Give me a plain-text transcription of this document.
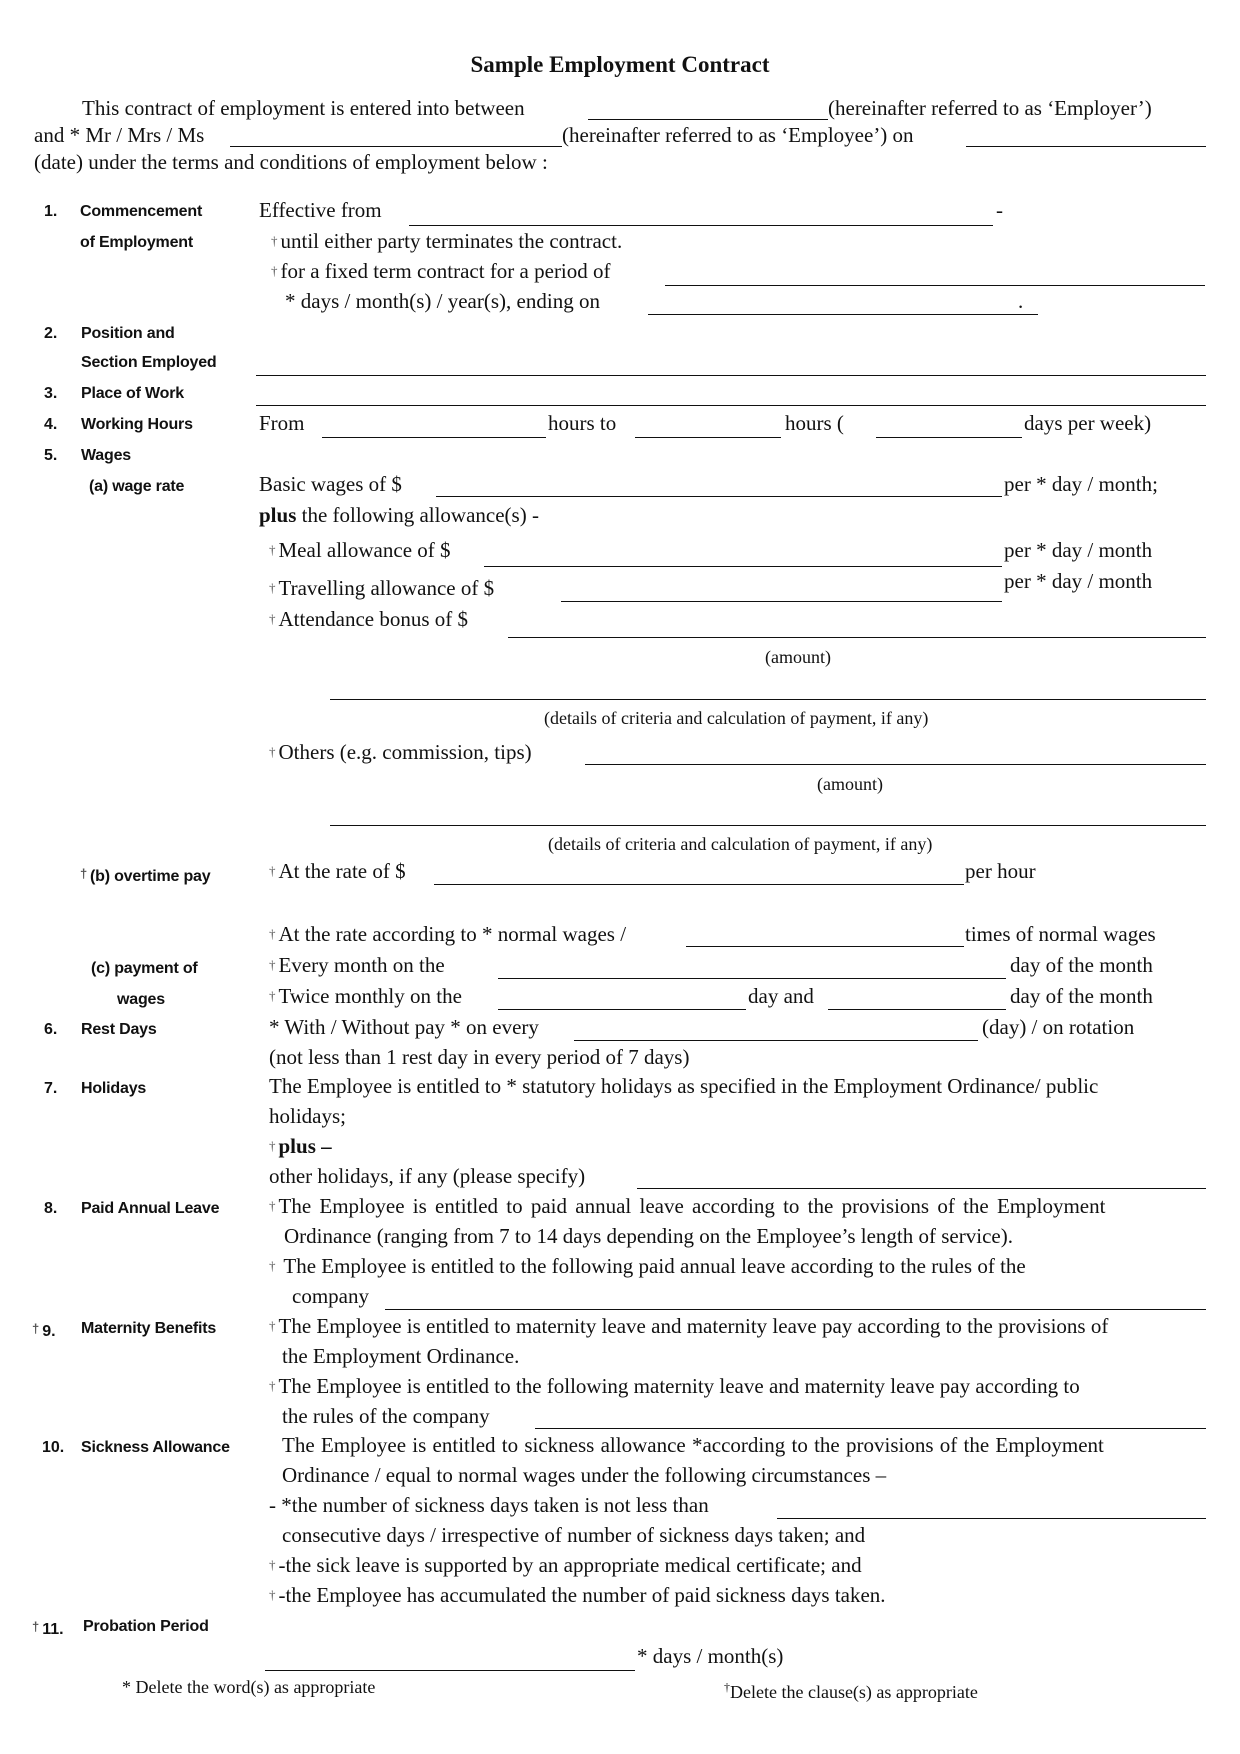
Sample Employment Contract
This contract of employment is entered into between	(hereinafter referred to as ‘Employer’)
and * Mr / Mrs / Ms	(hereinafter referred to as ‘Employee’) on
(date) under the terms and conditions of employment below :
1. Commencement
of Employment
Effective from	-
† until either party terminates the contract.
† for a fixed term contract for a period of
* days / month(s) / year(s), ending on	.
2. Position and
Section Employed
3. Place of Work
4. Working Hours	From	hours to	hours (	days per week)
5. Wages
(a) wage rate	Basic wages of $	per * day / month;
plus the following allowance(s) -
† Meal allowance of $	per * day / month
† Travelling allowance of $	per * day / month
† Attendance bonus of $
(amount)
(details of criteria and calculation of payment, if any)
† Others (e.g. commission, tips)
(amount)
(details of criteria and calculation of payment, if any)
† (b) overtime pay	† At the rate of $	per hour
† At the rate according to * normal wages /	times of normal wages
(c) payment of
wages
† Every month on the	day of the month
† Twice monthly on the	day and	day of the month
6. Rest Days	* With / Without pay * on every	(day) / on rotation
(not less than 1 rest day in every period of 7 days)
7. Holidays	The Employee is entitled to * statutory holidays as specified in the Employment Ordinance/ public
holidays;
† plus –
other holidays, if any (please specify)
8. Paid Annual Leave	† The Employee is entitled to paid annual leave according to the provisions of the Employment
Ordinance (ranging from 7 to 14 days depending on the Employee’s length of service).
† The Employee is entitled to the following paid annual leave according to the rules of the
company
† 9. Maternity Benefits	† The Employee is entitled to maternity leave and maternity leave pay according to the provisions of
the Employment Ordinance.
† The Employee is entitled to the following maternity leave and maternity leave pay according to
the rules of the company
10. Sickness Allowance The Employee is entitled to sickness allowance *according to the provisions of the Employment
Ordinance / equal to normal wages under the following circumstances –
- *the number of sickness days taken is not less than
consecutive days / irrespective of number of sickness days taken; and
† -the sick leave is supported by an appropriate medical certificate; and
† -the Employee has accumulated the number of paid sickness days taken.
† 11. Probation Period
* days / month(s)
* Delete the word(s) as appropriate	†Delete the clause(s) as appropriate
